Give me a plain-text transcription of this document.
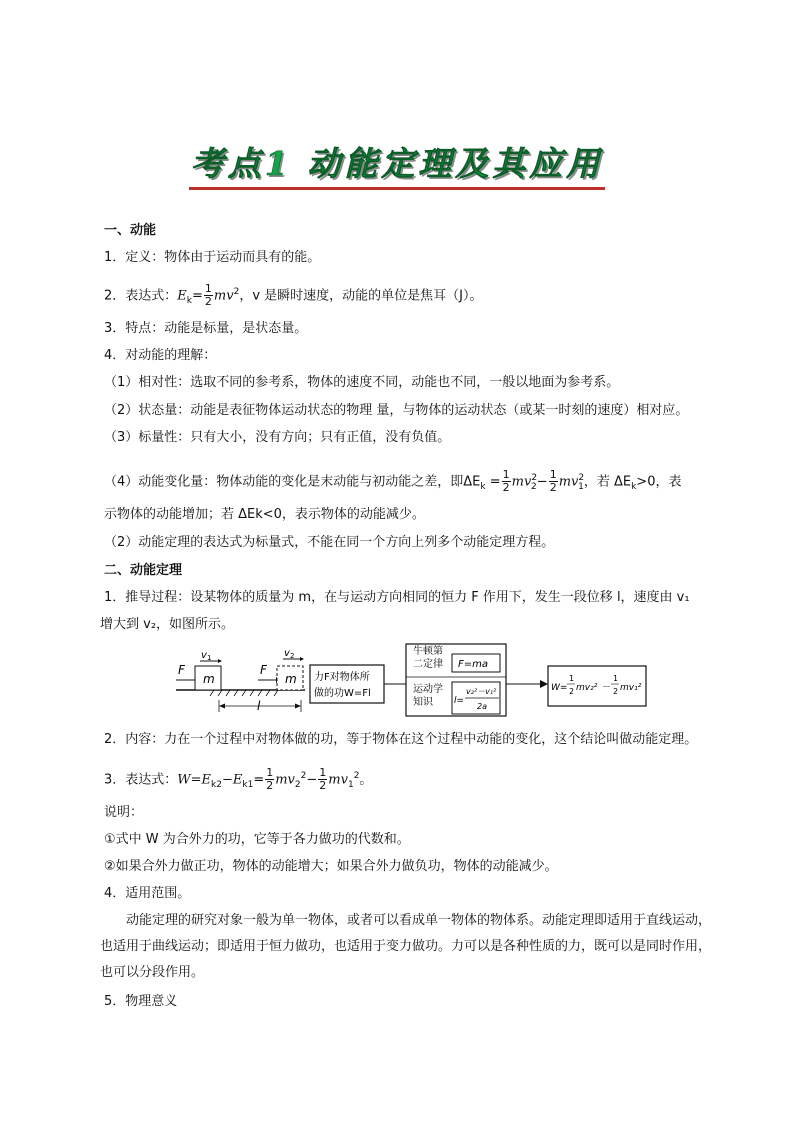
考点1 动能定理及其应用
一、动能
1．定义：物体由于运动而具有的能。
2．表达式：$E_k= \frac{1}{2} mv^2$，v 是瞬时速度，动能的单位是焦耳（J）。
3．特点：动能是标量，是状态量。
4．对动能的理解：
（1）相对性：选取不同的参考系，物体的速度不同，动能也不同，一般以地面为参考系。
（2）状态量：动能是表征物体运动状态的物理 量，与物体的运动状态（或某一时刻的速度）相对应。
（3）标量性：只有大小，没有方向；只有正值，没有负值。
（4）动能变化量：物体动能的变化是末动能与初动能之差，即$\Delta E_k = \frac{1}{2} mv^2_2- \frac{1}{2} mv^2_1$，若 $\Delta E_k>0$，表
示物体的动能增加；若 ΔEk<0，表示物体的动能减少。
（2）动能定理的表达式为标量式，不能在同一个方向上列多个动能定理方程。
二、动能定理
1．推导过程：设某物体的质量为 m，在与运动方向相同的恒力 F 作用下，发生一段位移 l，速度由 v₁
增大到 v₂，如图所示。
F
m
v 1
F
m
v 2
l
力F对物体所
做的功W=Fl
牛顿第
二定律 F=ma
运动学
知识 l=
v₂²－v₁²
2a
W=
1
2 mv₂² －
1
2 mv₁²
2．内容：力在一个过程中对物体做的功，等于物体在这个过程中动能的变化，这个结论叫做动能定理。
3．表达式：$W=E_{k2}-E_{k1}= \frac{1}{2} mv_2^2- \frac{1}{2} mv_1^2$。
说明：
①式中 W 为合外力的功，它等于各力做功的代数和。
②如果合外力做正功，物体的动能增大；如果合外力做负功，物体的动能减少。
4．适用范围。
动能定理的研究对象一般为单一物体，或者可以看成单一物体的物体系。动能定理即适用于直线运动，也适用于曲线运动；即适用于恒力做功，也适用于变力做功。力可以是各种性质的力，既可以是同时作用，也可以分段作用。
5．物理意义
